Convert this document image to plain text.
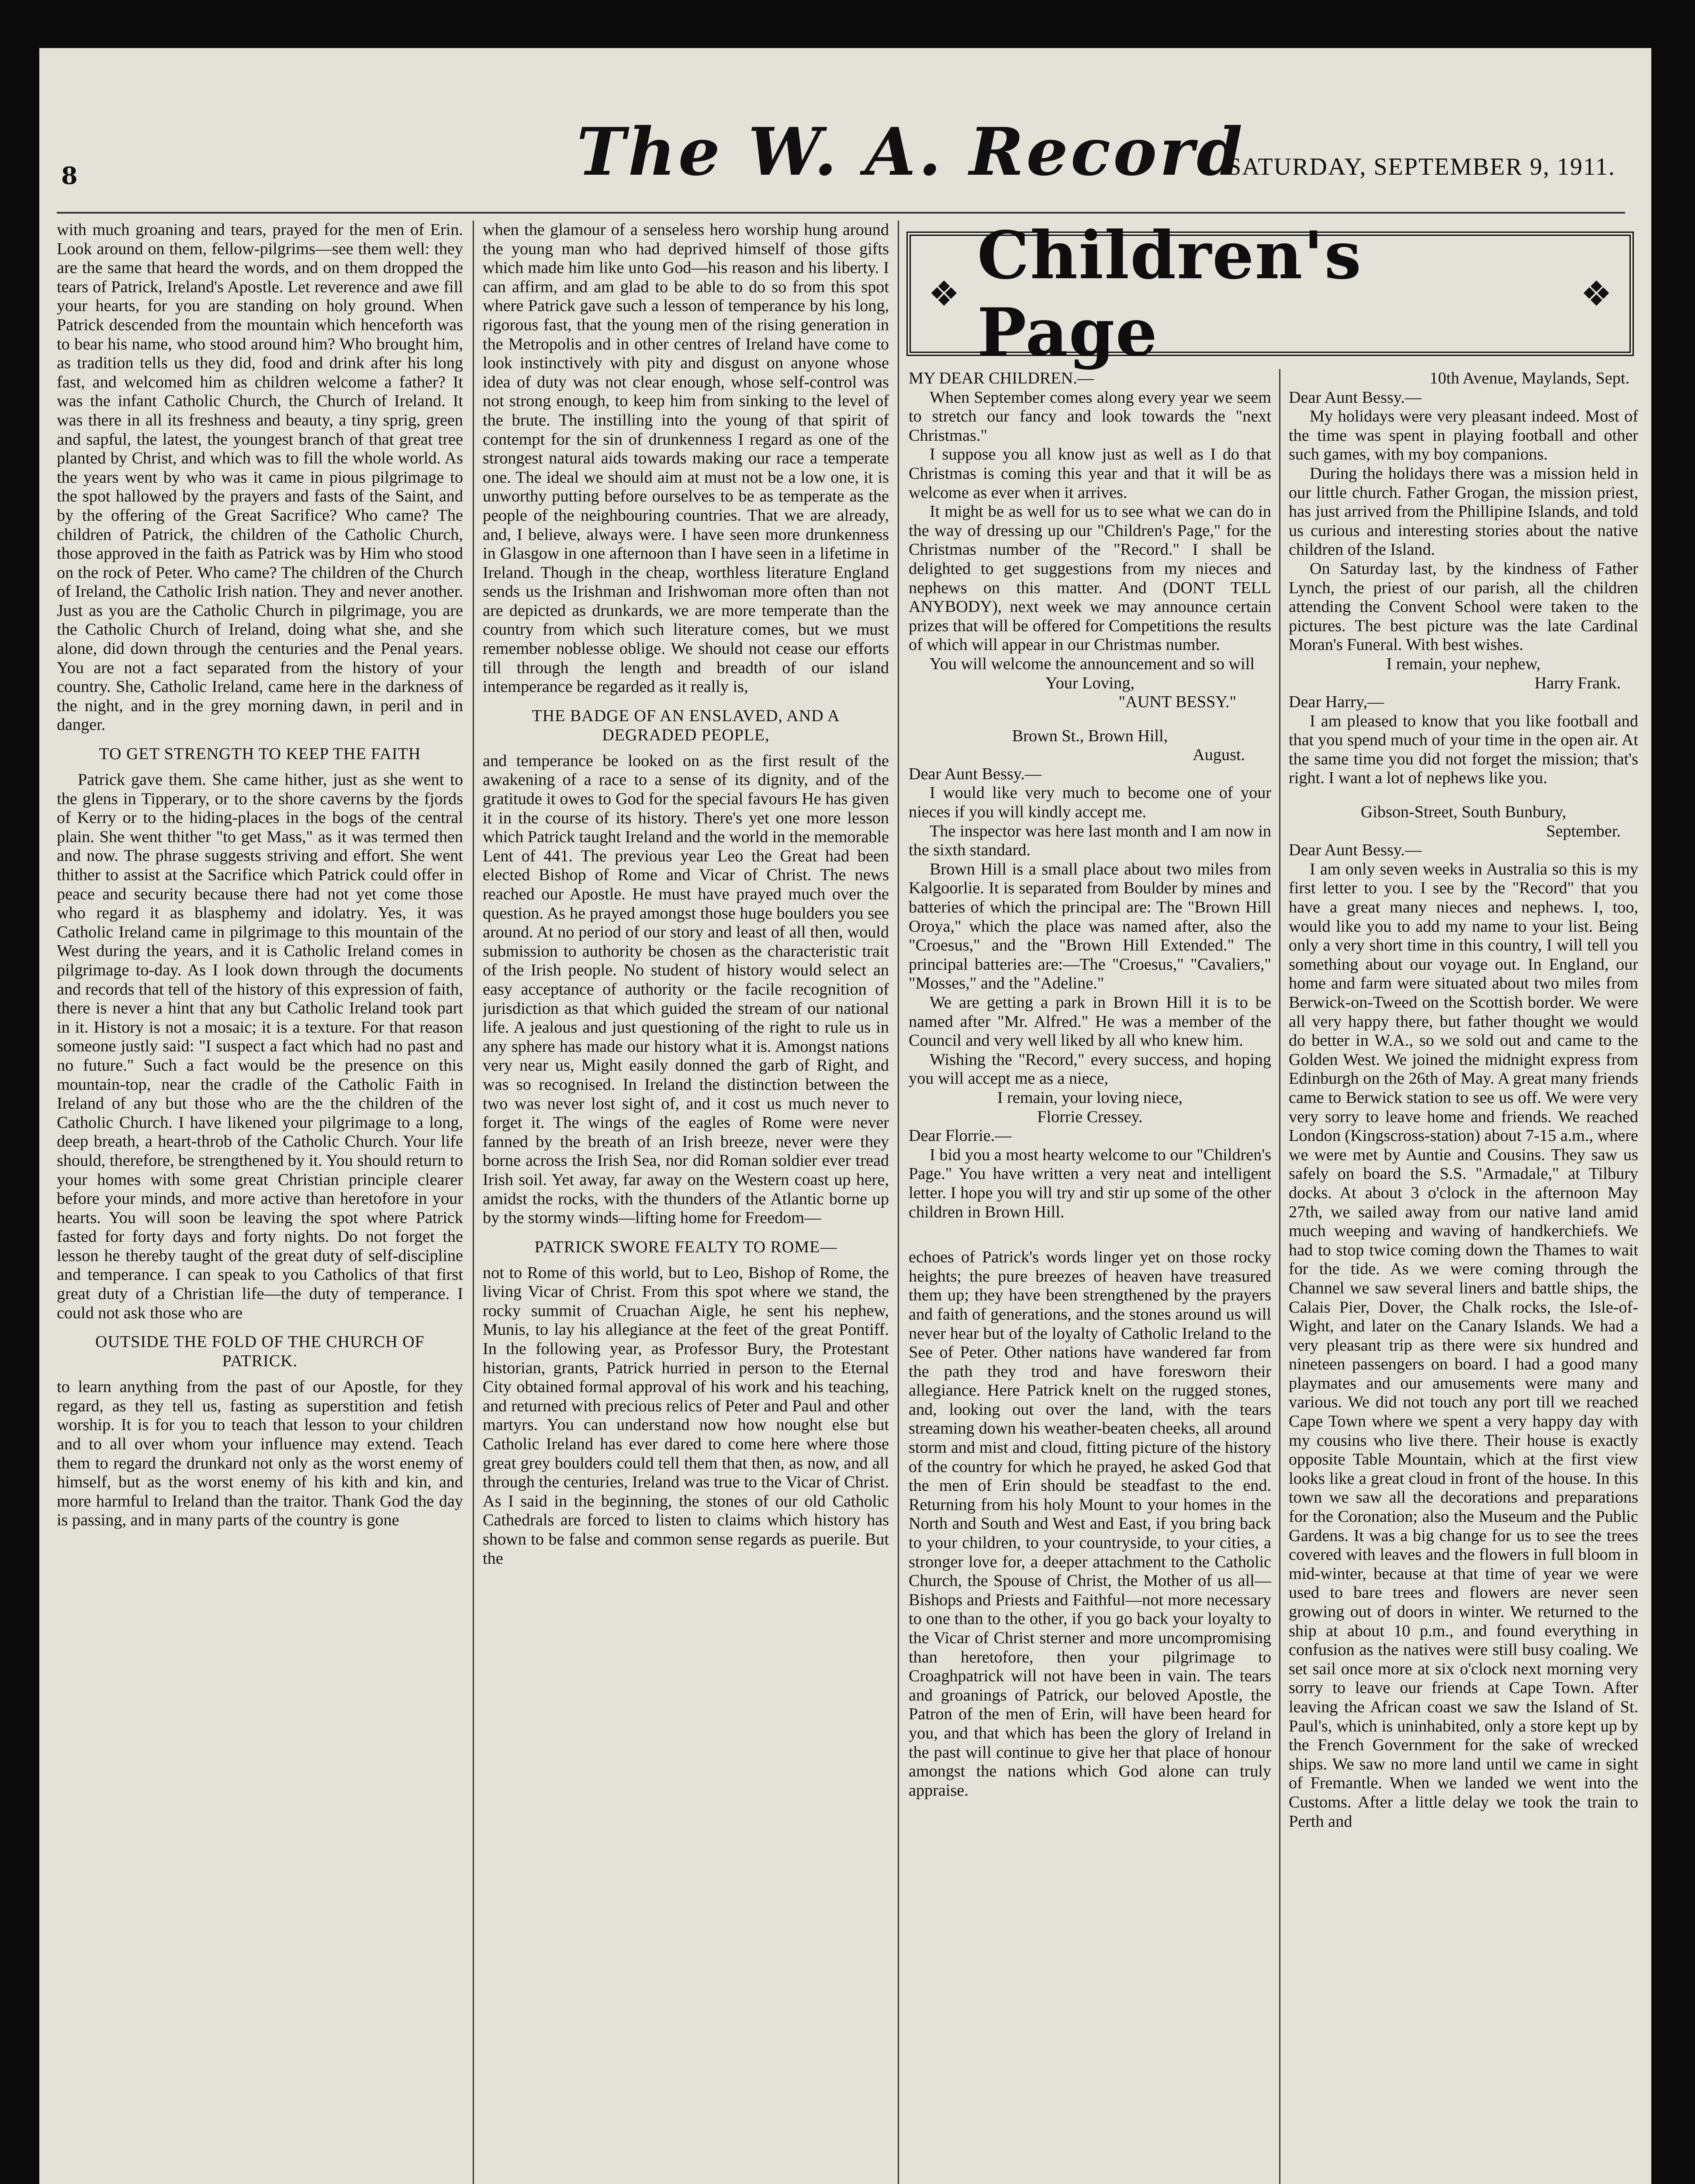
8	The W. A. Record
SATURDAY, SEPTEMBER 9, 1911.

with much groaning and tears, prayed for the men of Erin. Look around on them, fellow-pilgrims—see them well: they are the same that heard the words, and on them dropped the tears of Patrick, Ireland's Apostle. Let reverence and awe fill your hearts, for you are standing on holy ground. When Patrick descended from the mountain which henceforth was to bear his name, who stood around him? Who brought him, as tradition tells us they did, food and drink after his long fast, and welcomed him as children welcome a father? It was the infant Catholic Church, the Church of Ireland. It was there in all its freshness and beauty, a tiny sprig, green and sapful, the latest, the youngest branch of that great tree planted by Christ, and which was to fill the whole world. As the years went by who was it came in pious pilgrimage to the spot hallowed by the prayers and fasts of the Saint, and by the offering of the Great Sacrifice? Who came? The children of Patrick, the children of the Catholic Church, those approved in the faith as Patrick was by Him who stood on the rock of Peter. Who came? The children of the Church of Ireland, the Catholic Irish nation. They and never another. Just as you are the Catholic Church in pilgrimage, you are the Catholic Church of Ireland, doing what she, and she alone, did down through the centuries and the Penal years. You are not a fact separated from the history of your country. She, Catholic Ireland, came here in the darkness of the night, and in the grey morning dawn, in peril and in danger.

TO GET STRENGTH TO KEEP THE FAITH

Patrick gave them. She came hither, just as she went to the glens in Tipperary, or to the shore caverns by the fjords of Kerry or to the hiding-places in the bogs of the central plain. She went thither "to get Mass," as it was termed then and now. The phrase suggests striving and effort. She went thither to assist at the Sacrifice which Patrick could offer in peace and security because there had not yet come those who regard it as blasphemy and idolatry. Yes, it was Catholic Ireland came in pilgrimage to this mountain of the West during the years, and it is Catholic Ireland comes in pilgrimage to-day. As I look down through the documents and records that tell of the history of this expression of faith, there is never a hint that any but Catholic Ireland took part in it. History is not a mosaic; it is a texture. For that reason someone justly said: "I suspect a fact which had no past and no future." Such a fact would be the presence on this mountain-top, near the cradle of the Catholic Faith in Ireland of any but those who are the the children of the Catholic Church. I have likened your pilgrimage to a long, deep breath, a heart-throb of the Catholic Church. Your life should, therefore, be strengthened by it. You should return to your homes with some great Christian principle clearer before your minds, and more active than heretofore in your hearts. You will soon be leaving the spot where Patrick fasted for forty days and forty nights. Do not forget the lesson he thereby taught of the great duty of self-discipline and temperance. I can speak to you Catholics of that first great duty of a Christian life—the duty of temperance. I could not ask those who are

OUTSIDE THE FOLD OF THE CHURCH OF PATRICK.

to learn anything from the past of our Apostle, for they regard, as they tell us, fasting as superstition and fetish worship. It is for you to teach that lesson to your children and to all over whom your influence may extend. Teach them to regard the drunkard not only as the worst enemy of himself, but as the worst enemy of his kith and kin, and more harmful to Ireland than the traitor. Thank God the day is passing, and in many parts of the country is gone

when the glamour of a senseless hero worship hung around the young man who had deprived himself of those gifts which made him like unto God—his reason and his liberty. I can affirm, and am glad to be able to do so from this spot where Patrick gave such a lesson of temperance by his long, rigorous fast, that the young men of the rising generation in the Metropolis and in other centres of Ireland have come to look instinctively with pity and disgust on anyone whose idea of duty was not clear enough, whose self-control was not strong enough, to keep him from sinking to the level of the brute. The instilling into the young of that spirit of contempt for the sin of drunkenness I regard as one of the strongest natural aids towards making our race a temperate one. The ideal we should aim at must not be a low one, it is unworthy putting before ourselves to be as temperate as the people of the neighbouring countries. That we are already, and, I believe, always were. I have seen more drunkenness in Glasgow in one afternoon than I have seen in a lifetime in Ireland. Though in the cheap, worthless literature England sends us the Irishman and Irishwoman more often than not are depicted as drunkards, we are more temperate than the country from which such literature comes, but we must remember noblesse oblige. We should not cease our efforts till through the length and breadth of our island intemperance be regarded as it really is,

THE BADGE OF AN ENSLAVED, AND A DEGRADED PEOPLE,

and temperance be looked on as the first result of the awakening of a race to a sense of its dignity, and of the gratitude it owes to God for the special favours He has given it in the course of its history. There's yet one more lesson which Patrick taught Ireland and the world in the memorable Lent of 441. The previous year Leo the Great had been elected Bishop of Rome and Vicar of Christ. The news reached our Apostle. He must have prayed much over the question. As he prayed amongst those huge boulders you see around. At no period of our story and least of all then, would submission to authority be chosen as the characteristic trait of the Irish people. No student of history would select an easy acceptance of authority or the facile recognition of jurisdiction as that which guided the stream of our national life. A jealous and just questioning of the right to rule us in any sphere has made our history what it is. Amongst nations very near us, Might easily donned the garb of Right, and was so recognised. In Ireland the distinction between the two was never lost sight of, and it cost us much never to forget it. The wings of the eagles of Rome were never fanned by the breath of an Irish breeze, never were they borne across the Irish Sea, nor did Roman soldier ever tread Irish soil. Yet away, far away on the Western coast up here, amidst the rocks, with the thunders of the Atlantic borne up by the stormy winds—lifting home for Freedom—

PATRICK SWORE FEALTY TO ROME—

not to Rome of this world, but to Leo, Bishop of Rome, the living Vicar of Christ. From this spot where we stand, the rocky summit of Cruachan Aigle, he sent his nephew, Munis, to lay his allegiance at the feet of the great Pontiff. In the following year, as Professor Bury, the Protestant historian, grants, Patrick hurried in person to the Eternal City obtained formal approval of his work and his teaching, and returned with precious relics of Peter and Paul and other martyrs. You can understand now how nought else but Catholic Ireland has ever dared to come here where those great grey boulders could tell them that then, as now, and all through the centuries, Ireland was true to the Vicar of Christ. As I said in the beginning, the stones of our old Catholic Cathedrals are forced to listen to claims which history has shown to be false and common sense regards as puerile. But the

❖ Children's Page	❖

MY DEAR CHILDREN.—

When September comes along every year we seem to stretch our fancy and look towards the "next Christmas."

I suppose you all know just as well as I do that Christmas is coming this year and that it will be as welcome as ever when it arrives.

It might be as well for us to see what we can do in the way of dressing up our "Children's Page," for the Christmas number of the "Record." I shall be delighted to get suggestions from my nieces and nephews on this matter. And (DONT TELL ANYBODY), next week we may announce certain prizes that will be offered for Competitions the results of which will appear in our Christmas number.

You will welcome the announcement and so will

Your Loving,

"AUNT BESSY."

Brown St., Brown Hill,

August.

Dear Aunt Bessy.—

I would like very much to become one of your nieces if you will kindly accept me.

The inspector was here last month and I am now in the sixth standard.

Brown Hill is a small place about two miles from Kalgoorlie. It is separated from Boulder by mines and batteries of which the principal are: The "Brown Hill Oroya," which the place was named after, also the "Croesus," and the "Brown Hill Extended." The principal batteries are:—The "Croesus," "Cavaliers," "Mosses," and the "Adeline."

We are getting a park in Brown Hill it is to be named after "Mr. Alfred." He was a member of the Council and very well liked by all who knew him.

Wishing the "Record," every success, and hoping you will accept me as a niece,

I remain, your loving niece,

Florrie Cressey.

Dear Florrie.—

I bid you a most hearty welcome to our "Children's Page." You have written a very neat and intelligent letter. I hope you will try and stir up some of the other children in Brown Hill.

echoes of Patrick's words linger yet on those rocky heights; the pure breezes of heaven have treasured them up; they have been strengthened by the prayers and faith of generations, and the stones around us will never hear but of the loyalty of Catholic Ireland to the See of Peter. Other nations have wandered far from the path they trod and have foresworn their allegiance. Here Patrick knelt on the rugged stones, and, looking out over the land, with the tears streaming down his weather-beaten cheeks, all around storm and mist and cloud, fitting picture of the history of the country for which he prayed, he asked God that the men of Erin should be steadfast to the end. Returning from his holy Mount to your homes in the North and South and West and East, if you bring back to your children, to your countryside, to your cities, a stronger love for, a deeper attachment to the Catholic Church, the Spouse of Christ, the Mother of us all—Bishops and Priests and Faithful—not more necessary to one than to the other, if you go back your loyalty to the Vicar of Christ sterner and more uncompromising than heretofore, then your pilgrimage to Croaghpatrick will not have been in vain. The tears and groanings of Patrick, our beloved Apostle, the Patron of the men of Erin, will have been heard for you, and that which has been the glory of Ireland in the past will continue to give her that place of honour amongst the nations which God alone can truly appraise.

10th Avenue, Maylands, Sept.

Dear Aunt Bessy.—

My holidays were very pleasant indeed. Most of the time was spent in playing football and other such games, with my boy companions.

During the holidays there was a mission held in our little church. Father Grogan, the mission priest, has just arrived from the Phillipine Islands, and told us curious and interesting stories about the native children of the Island.

On Saturday last, by the kindness of Father Lynch, the priest of our parish, all the children attending the Convent School were taken to the pictures. The best picture was the late Cardinal Moran's Funeral. With best wishes.

I remain, your nephew,

Harry Frank.

Dear Harry,—

I am pleased to know that you like football and that you spend much of your time in the open air. At the same time you did not forget the mission; that's right. I want a lot of nephews like you.

Gibson-Street, South Bunbury,

September.

Dear Aunt Bessy.—

I am only seven weeks in Australia so this is my first letter to you. I see by the "Record" that you have a great many nieces and nephews. I, too, would like you to add my name to your list. Being only a very short time in this country, I will tell you something about our voyage out. In England, our home and farm were situated about two miles from Berwick-on-Tweed on the Scottish border. We were all very happy there, but father thought we would do better in W.A., so we sold out and came to the Golden West. We joined the midnight express from Edinburgh on the 26th of May. A great many friends came to Berwick station to see us off. We were very very sorry to leave home and friends. We reached London (Kingscross-station) about 7-15 a.m., where we were met by Auntie and Cousins. They saw us safely on board the S.S. "Armadale," at Tilbury docks. At about 3 o'clock in the afternoon May 27th, we sailed away from our native land amid much weeping and waving of handkerchiefs. We had to stop twice coming down the Thames to wait for the tide. As we were coming through the Channel we saw several liners and battle ships, the Calais Pier, Dover, the Chalk rocks, the Isle-of-Wight, and later on the Canary Islands. We had a very pleasant trip as there were six hundred and nineteen passengers on board. I had a good many playmates and our amusements were many and various. We did not touch any port till we reached Cape Town where we spent a very happy day with my cousins who live there. Their house is exactly opposite Table Mountain, which at the first view looks like a great cloud in front of the house. In this town we saw all the decorations and preparations for the Coronation; also the Museum and the Public Gardens. It was a big change for us to see the trees covered with leaves and the flowers in full bloom in mid-winter, because at that time of year we were used to bare trees and flowers are never seen growing out of doors in winter. We returned to the ship at about 10 p.m., and found everything in confusion as the natives were still busy coaling. We set sail once more at six o'clock next morning very sorry to leave our friends at Cape Town. After leaving the African coast we saw the Island of St. Paul's, which is uninhabited, only a store kept up by the French Government for the sake of wrecked ships. We saw no more land until we came in sight of Fremantle. When we landed we went into the Customs. After a little delay we took the train to Perth and
